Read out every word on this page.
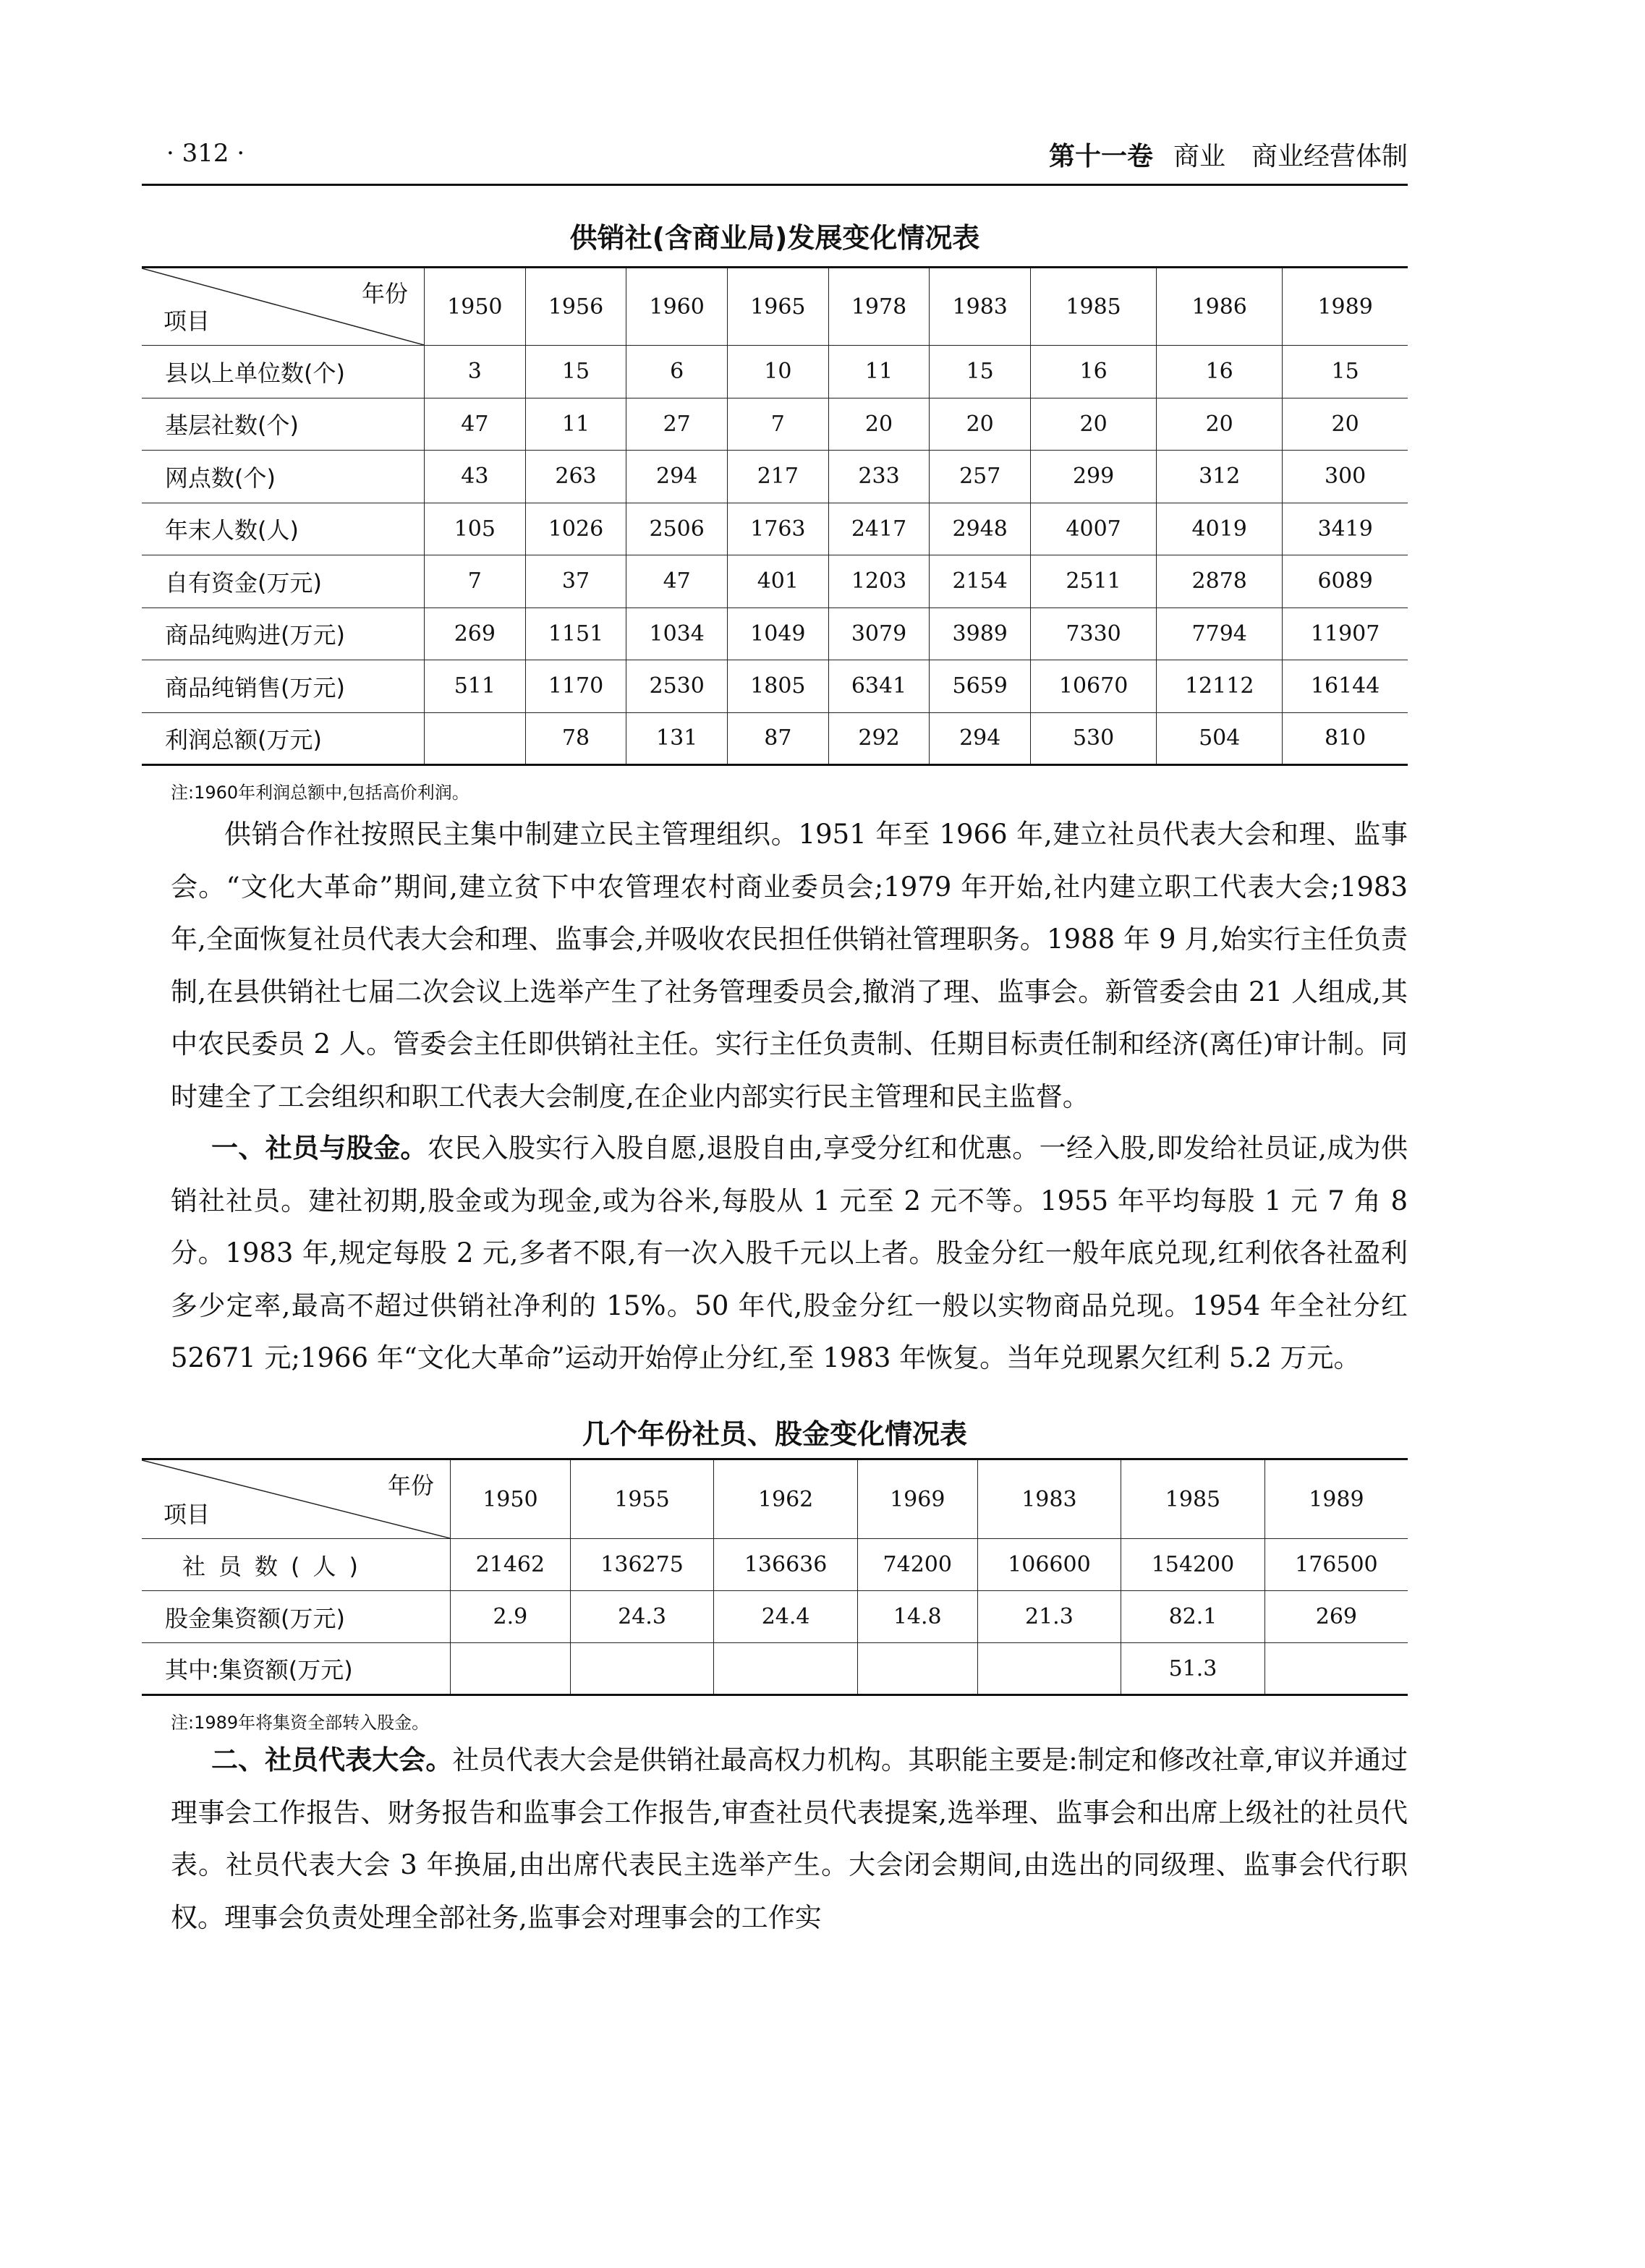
· 312 ·	第十一卷 商业 商业经营体制
供销社(含商业局)发展变化情况表
年份
项目	1950	1956	1960	1965	1978	1983	1985	1986	1989
县以上单位数(个)	3	15	6	10	11	15	16	16	15
基层社数(个)	47	11	27	7	20	20	20	20	20
网点数(个)	43	263	294	217	233	257	299	312	300
年末人数(人)	105	1026	2506	1763	2417	2948	4007	4019	3419
自有资金(万元)	7	37	47	401	1203	2154	2511	2878	6089
商品纯购进(万元)	269	1151	1034	1049	3079	3989	7330	7794	11907
商品纯销售(万元)	511	1170	2530	1805	6341	5659	10670	12112	16144
利润总额(万元)		78	131	87	292	294	530	504	810
注:1960年利润总额中,包括高价利润。
供销合作社按照民主集中制建立民主管理组织。1951 年至 1966 年,建立社员代表大会和理、监事会。“文化大革命”期间,建立贫下中农管理农村商业委员会;1979 年开始,社内建立职工代表大会;1983 年,全面恢复社员代表大会和理、监事会,并吸收农民担任供销社管理职务。1988 年 9 月,始实行主任负责制,在县供销社七届二次会议上选举产生了社务管理委员会,撤消了理、监事会。新管委会由 21 人组成,其中农民委员 2 人。管委会主任即供销社主任。实行主任负责制、任期目标责任制和经济(离任)审计制。同时建全了工会组织和职工代表大会制度,在企业内部实行民主管理和民主监督。
一、社员与股金。农民入股实行入股自愿,退股自由,享受分红和优惠。一经入股,即发给社员证,成为供销社社员。建社初期,股金或为现金,或为谷米,每股从 1 元至 2 元不等。1955 年平均每股 1 元 7 角 8 分。1983 年,规定每股 2 元,多者不限,有一次入股千元以上者。股金分红一般年底兑现,红利依各社盈利多少定率,最高不超过供销社净利的 15%。50 年代,股金分红一般以实物商品兑现。1954 年全社分红 52671 元;1966 年“文化大革命”运动开始停止分红,至 1983 年恢复。当年兑现累欠红利 5.2 万元。
几个年份社员、股金变化情况表
年份
项目	1950	1955	1962	1969	1983	1985	1989
社员数(人)	21462	136275	136636	74200	106600	154200	176500
股金集资额(万元)	2.9	24.3	24.4	14.8	21.3	82.1	269
其中:集资额(万元)						51.3	
注:1989年将集资全部转入股金。
二、社员代表大会。社员代表大会是供销社最高权力机构。其职能主要是:制定和修改社章,审议并通过理事会工作报告、财务报告和监事会工作报告,审查社员代表提案,选举理、监事会和出席上级社的社员代表。社员代表大会 3 年换届,由出席代表民主选举产生。大会闭会期间,由选出的同级理、监事会代行职权。理事会负责处理全部社务,监事会对理事会的工作实
